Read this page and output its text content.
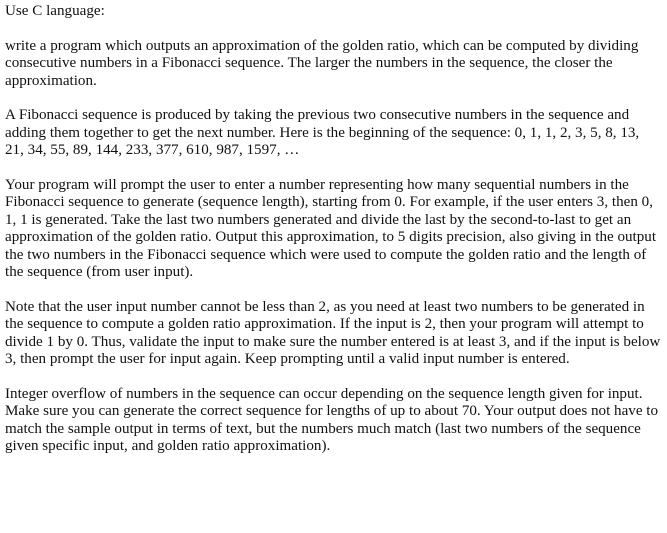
Use C language:

write a program which outputs an approximation of the golden ratio, which can be computed by dividing consecutive numbers in a Fibonacci sequence. The larger the numbers in the sequence, the closer the approximation.

A Fibonacci sequence is produced by taking the previous two consecutive numbers in the sequence and adding them together to get the next number. Here is the beginning of the sequence: 0, 1, 1, 2, 3, 5, 8, 13, 21, 34, 55, 89, 144, 233, 377, 610, 987, 1597, …

Your program will prompt the user to enter a number representing how many sequential numbers in the Fibonacci sequence to generate (sequence length), starting from 0. For example, if the user enters 3, then 0, 1, 1 is generated. Take the last two numbers generated and divide the last by the second-to-last to get an approximation of the golden ratio. Output this approximation, to 5 digits precision, also giving in the output the two numbers in the Fibonacci sequence which were used to compute the golden ratio and the length of the sequence (from user input).

Note that the user input number cannot be less than 2, as you need at least two numbers to be generated in the sequence to compute a golden ratio approximation. If the input is 2, then your program will attempt to divide 1 by 0. Thus, validate the input to make sure the number entered is at least 3, and if the input is below 3, then prompt the user for input again. Keep prompting until a valid input number is entered.

Integer overflow of numbers in the sequence can occur depending on the sequence length given for input. Make sure you can generate the correct sequence for lengths of up to about 70. Your output does not have to match the sample output in terms of text, but the numbers much match (last two numbers of the sequence given specific input, and golden ratio approximation).
